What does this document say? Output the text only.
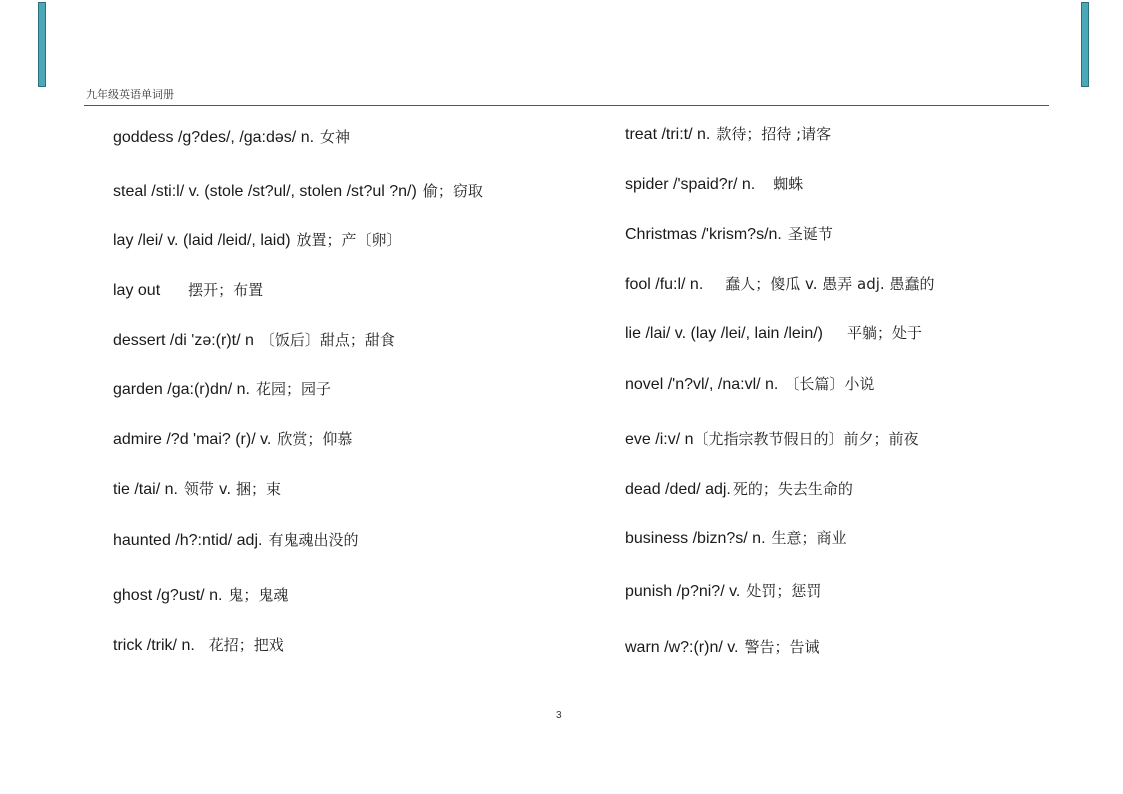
九年级英语单词册
goddess /ɡ?des/, /ga:dəs/ n. 女神
steal /sti:l/ v. (stole /st?ul/, stolen /st?ul ?n/) 偷；窃取
lay /lei/ v. (laid /leid/, laid) 放置；产〔卵〕
lay out 摆开；布置
dessert /di 'zə:(r)t/ n 〔饭后〕甜点；甜食
garden /ga:(r)dn/ n. 花园；园子
admire /?d 'mai? (r)/ v. 欣赏；仰慕
tie /tai/ n. 领带 v. 捆；束
haunted /h?:ntid/ adj. 有鬼魂出没的
ghost /g?ust/ n. 鬼；鬼魂
trick /trik/ n. 花招；把戏
treat /tri:t/ n. 款待；招待 ;请客
spider /'spaid?r/ n. 蜘蛛
Christmas /'krism?s/n. 圣诞节
fool /fu:l/ n. 蠢人；傻瓜 v. 愚弄 adj. 愚蠢的
lie /lai/ v. (lay /lei/, lain /lein/) 平躺；处于
novel /'n?vl/, /na:vl/ n. 〔长篇〕小说
eve /i:v/ n〔尤指宗教节假日的〕前夕；前夜
dead /ded/ adj. 死的；失去生命的
business /bizn?s/ n. 生意；商业
punish /p?ni?/ v. 处罚；惩罚
warn /w?:(r)n/ v. 警告；告诫
3
